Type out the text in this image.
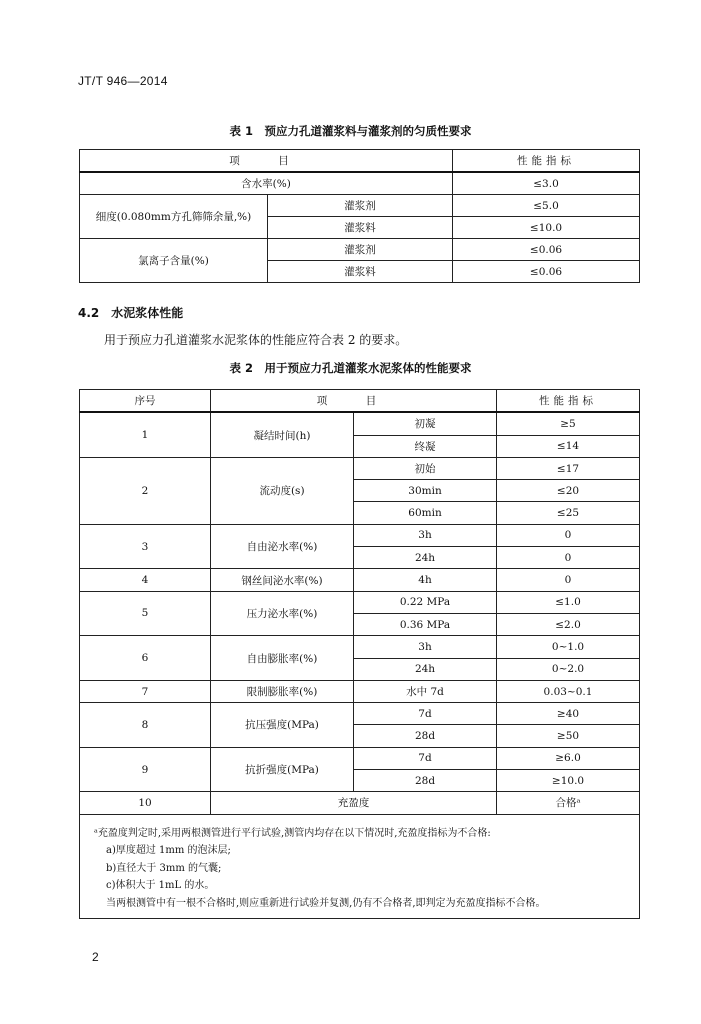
JT/T 946—2014
表 1　预应力孔道灌浆料与灌浆剂的匀质性要求
项　目		性能指标
含水率(%)		≤3.0
细度(0.080mm方孔筛筛余量,%)	灌浆剂	≤5.0
	灌浆料	≤10.0
氯离子含量(%)	灌浆剂	≤0.06
	灌浆料	≤0.06
4.2　水泥浆体性能
用于预应力孔道灌浆水泥浆体的性能应符合表 2 的要求。
表 2　用于预应力孔道灌浆水泥浆体的性能要求
序号	项　目		性能指标
1	凝结时间(h)	初凝	≥5
		终凝	≤14
2	流动度(s)	初始	≤17
		30min	≤20
		60min	≤25
3	自由泌水率(%)	3h	0
		24h	0
4	钢丝间泌水率(%)	4h	0
5	压力泌水率(%)	0.22 MPa	≤1.0
		0.36 MPa	≤2.0
6	自由膨胀率(%)	3h	0~1.0
		24h	0~2.0
7	限制膨胀率(%)	水中 7d	0.03~0.1
8	抗压强度(MPa)	7d	≥40
		28d	≥50
9	抗折强度(MPa)	7d	≥6.0
		28d	≥10.0
10	充盈度		合格ᵃ

ᵃ充盈度判定时,采用两根测管进行平行试验,测管内均存在以下情况时,充盈度指标为不合格:
a)厚度超过 1mm 的泡沫层;
b)直径大于 3mm 的气囊;
c)体积大于 1mL 的水。
当两根测管中有一根不合格时,则应重新进行试验并复测,仍有不合格者,即判定为充盈度指标不合格。			
2
